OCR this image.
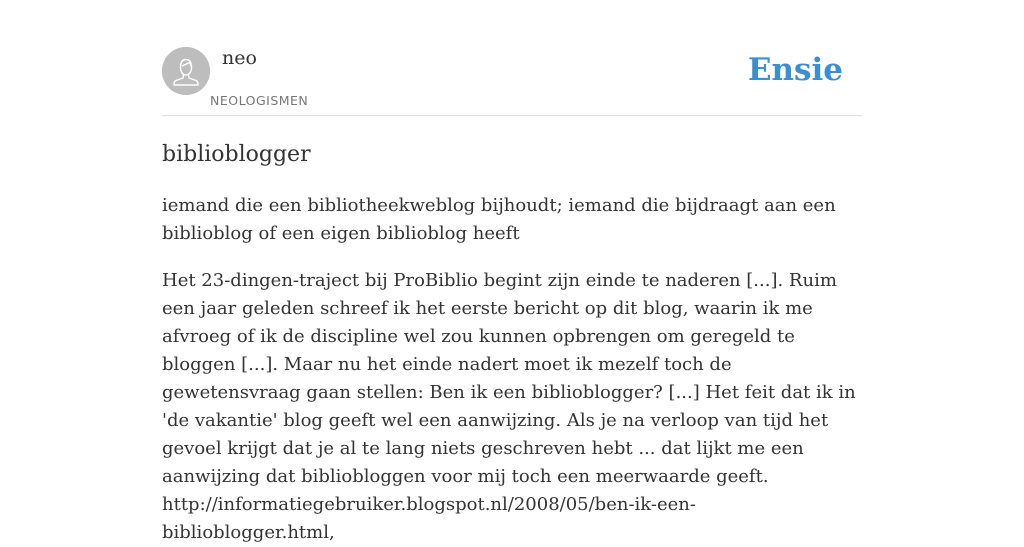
neo
NEOLOGISMEN
Ensie
biblioblogger

iemand die een bibliotheekweblog bijhoudt; iemand die bijdraagt aan een biblioblog of een eigen biblioblog heeft

Het 23-dingen-traject bij ProBiblio begint zijn einde te naderen [...]. Ruim een jaar geleden schreef ik het eerste bericht op dit blog, waarin ik me afvroeg of ik de discipline wel zou kunnen opbrengen om geregeld te bloggen [...]. Maar nu het einde nadert moet ik mezelf toch de gewetensvraag gaan stellen: Ben ik een biblioblogger? [...] Het feit dat ik in 'de vakantie' blog geeft wel een aanwijzing. Als je na verloop van tijd het gevoel krijgt dat je al te lang niets geschreven hebt ... dat lijkt me een aanwijzing dat bibliobloggen voor mij toch een meerwaarde geeft.
http://informatiegebruiker.blogspot.nl/2008/05/ben-ik-een-biblioblogger.html,
